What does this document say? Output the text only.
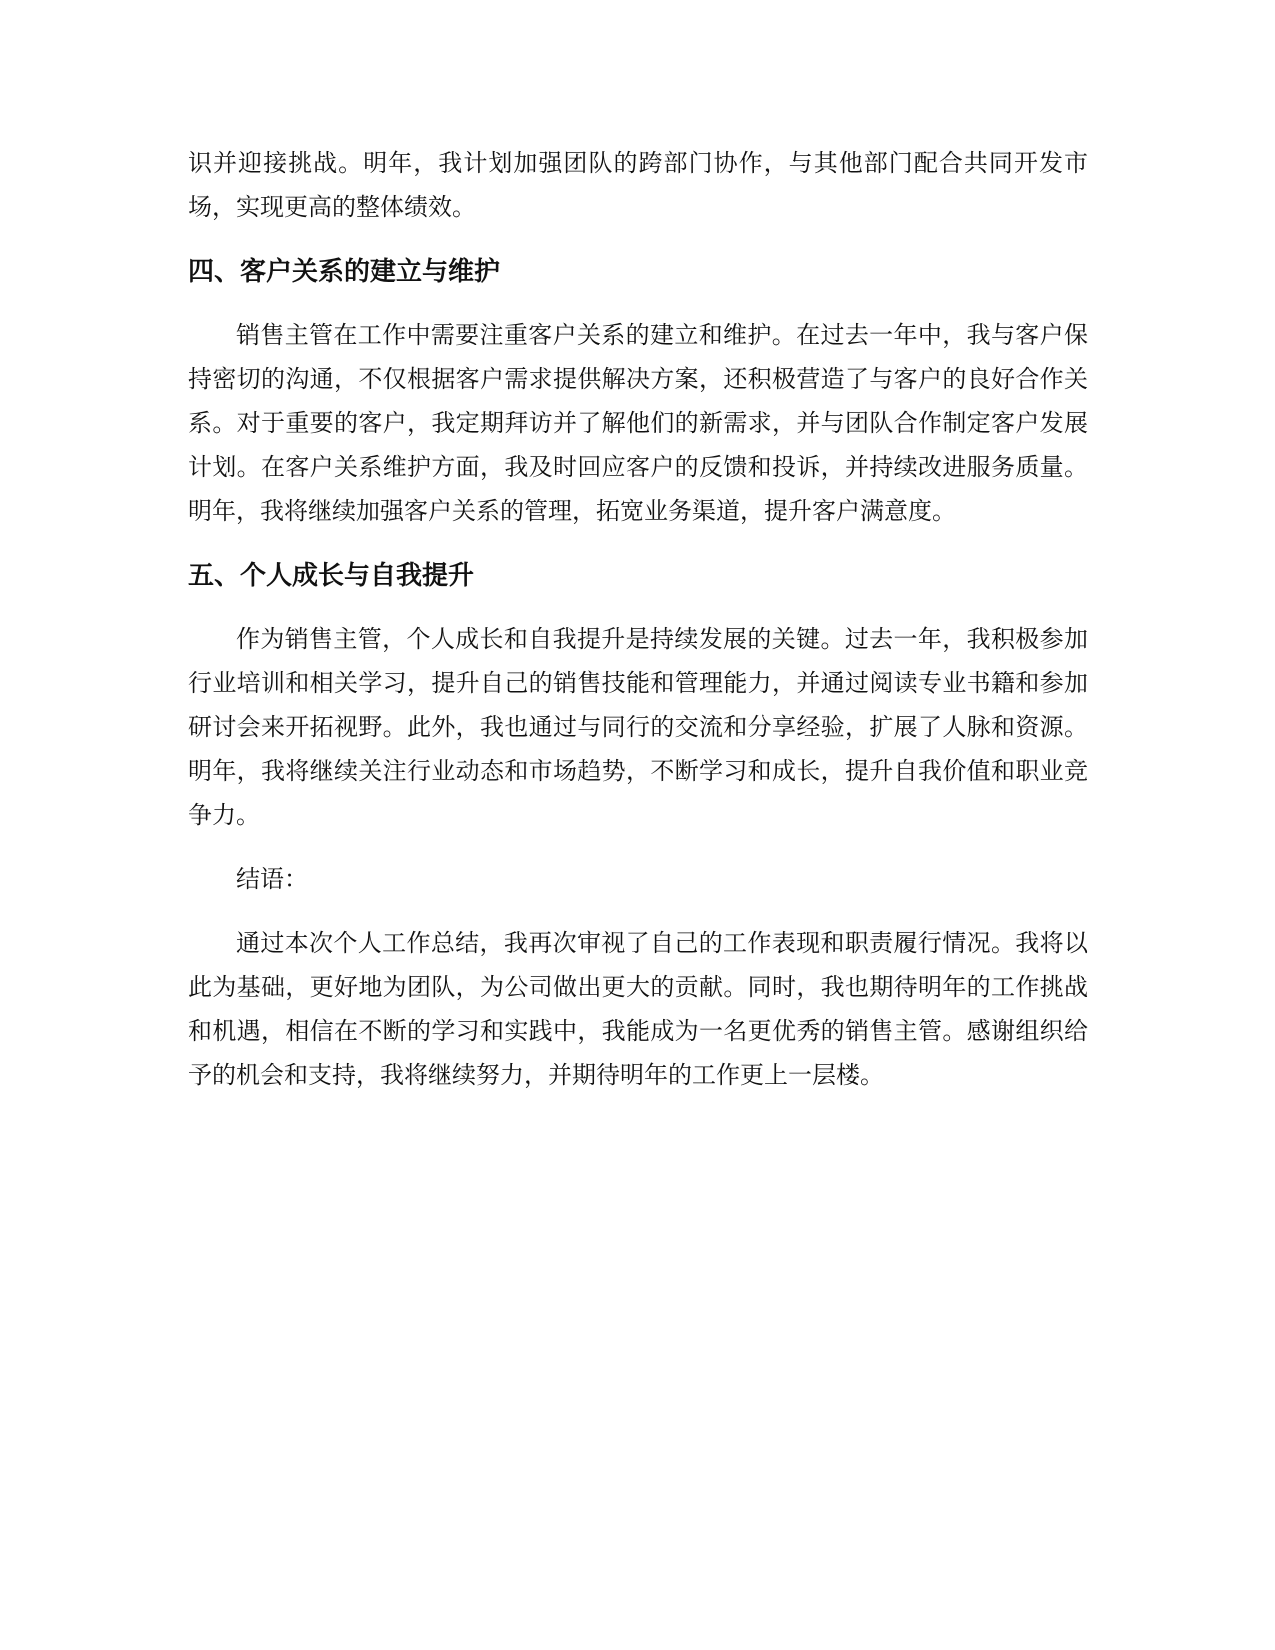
识并迎接挑战。明年，我计划加强团队的跨部门协作，与其他部门配合共同开发市场，实现更高的整体绩效。

四、客户关系的建立与维护

销售主管在工作中需要注重客户关系的建立和维护。在过去一年中，我与客户保持密切的沟通，不仅根据客户需求提供解决方案，还积极营造了与客户的良好合作关系。对于重要的客户，我定期拜访并了解他们的新需求，并与团队合作制定客户发展计划。在客户关系维护方面，我及时回应客户的反馈和投诉，并持续改进服务质量。明年，我将继续加强客户关系的管理，拓宽业务渠道，提升客户满意度。

五、个人成长与自我提升

作为销售主管，个人成长和自我提升是持续发展的关键。过去一年，我积极参加行业培训和相关学习，提升自己的销售技能和管理能力，并通过阅读专业书籍和参加研讨会来开拓视野。此外，我也通过与同行的交流和分享经验，扩展了人脉和资源。明年，我将继续关注行业动态和市场趋势，不断学习和成长，提升自我价值和职业竞争力。

结语：

通过本次个人工作总结，我再次审视了自己的工作表现和职责履行情况。我将以此为基础，更好地为团队，为公司做出更大的贡献。同时，我也期待明年的工作挑战和机遇，相信在不断的学习和实践中，我能成为一名更优秀的销售主管。感谢组织给予的机会和支持，我将继续努力，并期待明年的工作更上一层楼。
